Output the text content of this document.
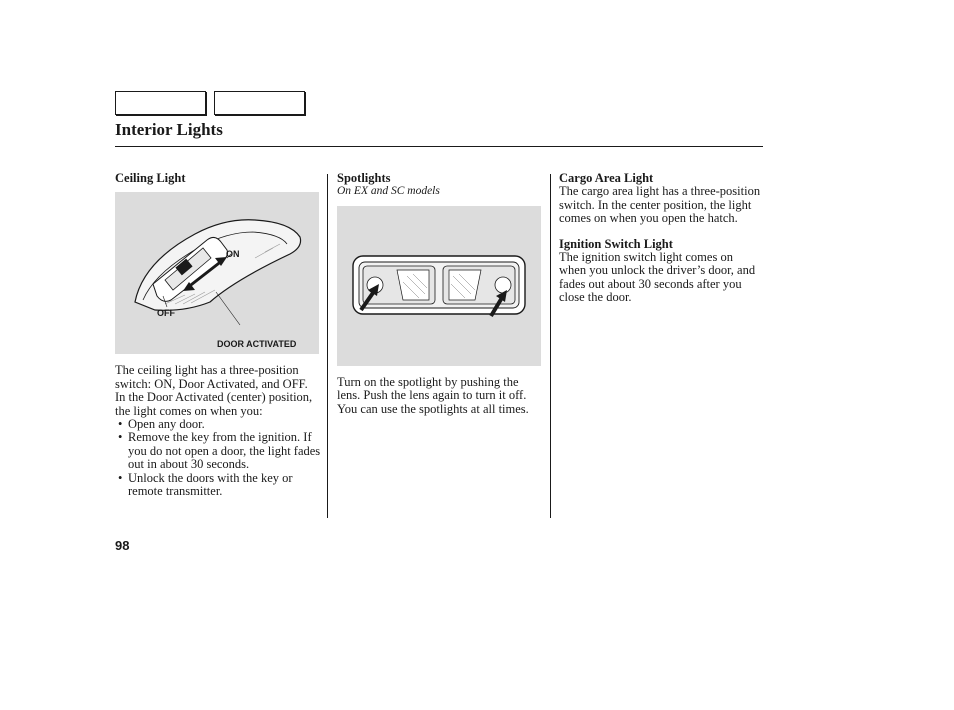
Interior Lights

Ceiling Light

ON
OFF
DOOR ACTIVATED

The ceiling light has a three-position switch: ON, Door Activated, and OFF.

In the Door Activated (center) position, the light comes on when you:

• Open any door.
• Remove the key from the ignition. If you do not open a door, the light fades out in about 30 seconds.
• Unlock the doors with the key or remote transmitter.

Spotlights

On EX and SC models

Turn on the spotlight by pushing the lens. Push the lens again to turn it off. You can use the spotlights at all times.

Cargo Area Light

The cargo area light has a three-position switch. In the center position, the light comes on when you open the hatch.

Ignition Switch Light

The ignition switch light comes on when you unlock the driver’s door, and fades out about 30 seconds after you close the door.

98
